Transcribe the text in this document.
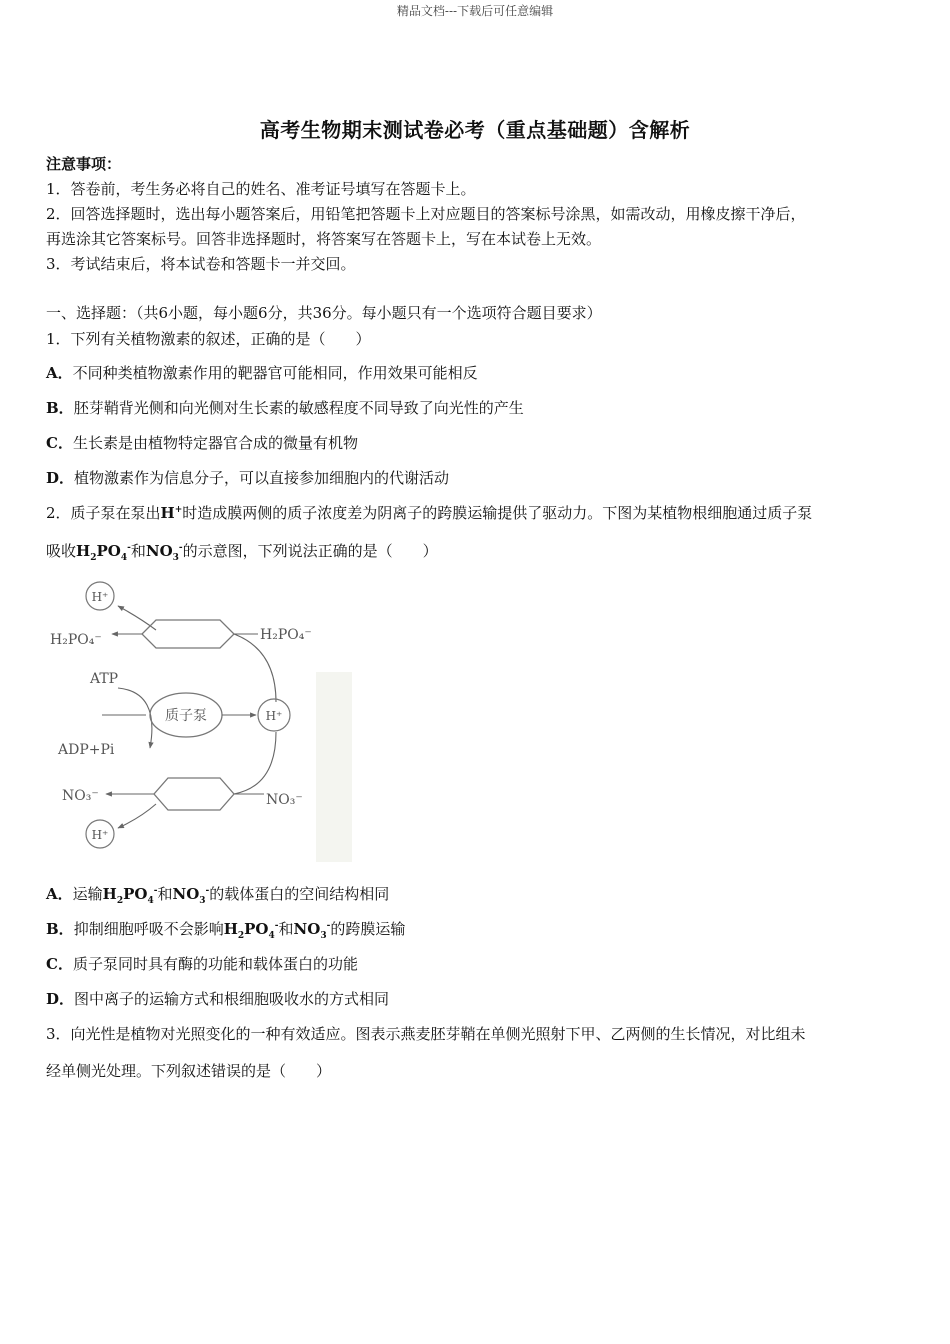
精品文档---下载后可任意编辑
高考生物期末测试卷必考（重点基础题）含解析
注意事项：
1．答卷前，考生务必将自己的姓名、准考证号填写在答题卡上。
2．回答选择题时，选出每小题答案后，用铅笔把答题卡上对应题目的答案标号涂黑，如需改动，用橡皮擦干净后，
再选涂其它答案标号。回答非选择题时，将答案写在答题卡上，写在本试卷上无效。
3．考试结束后，将本试卷和答题卡一并交回。
一、选择题：（共6小题，每小题6分，共36分。每小题只有一个选项符合题目要求）
1．下列有关植物激素的叙述，正确的是（　　）
A．不同种类植物激素作用的靶器官可能相同，作用效果可能相反
B．胚芽鞘背光侧和向光侧对生长素的敏感程度不同导致了向光性的产生
C．生长素是由植物特定器官合成的微量有机物
D．植物激素作为信息分子，可以直接参加细胞内的代谢活动
2．质子泵在泵出H+时造成膜两侧的质子浓度差为阴离子的跨膜运输提供了驱动力。下图为某植物根细胞通过质子泵
吸收$H_2PO_4^-$和$NO_3^-$的示意图，下列说法正确的是（　　）
H⁺
H₂PO₄⁻	H₂PO₄⁻
ATP
ADP+Pi
质子泵	H⁺
NO₃⁻	NO₃⁻
H⁺
A．运输$H_2PO_4^-$和$NO_3^-$的载体蛋白的空间结构相同
B．抑制细胞呼吸不会影响$H_2PO_4^-$和$NO_3^-$的跨膜运输
C．质子泵同时具有酶的功能和载体蛋白的功能
D．图中离子的运输方式和根细胞吸收水的方式相同
3．向光性是植物对光照变化的一种有效适应。图表示燕麦胚芽鞘在单侧光照射下甲、乙两侧的生长情况，对比组未
经单侧光处理。下列叙述错误的是（　　）
